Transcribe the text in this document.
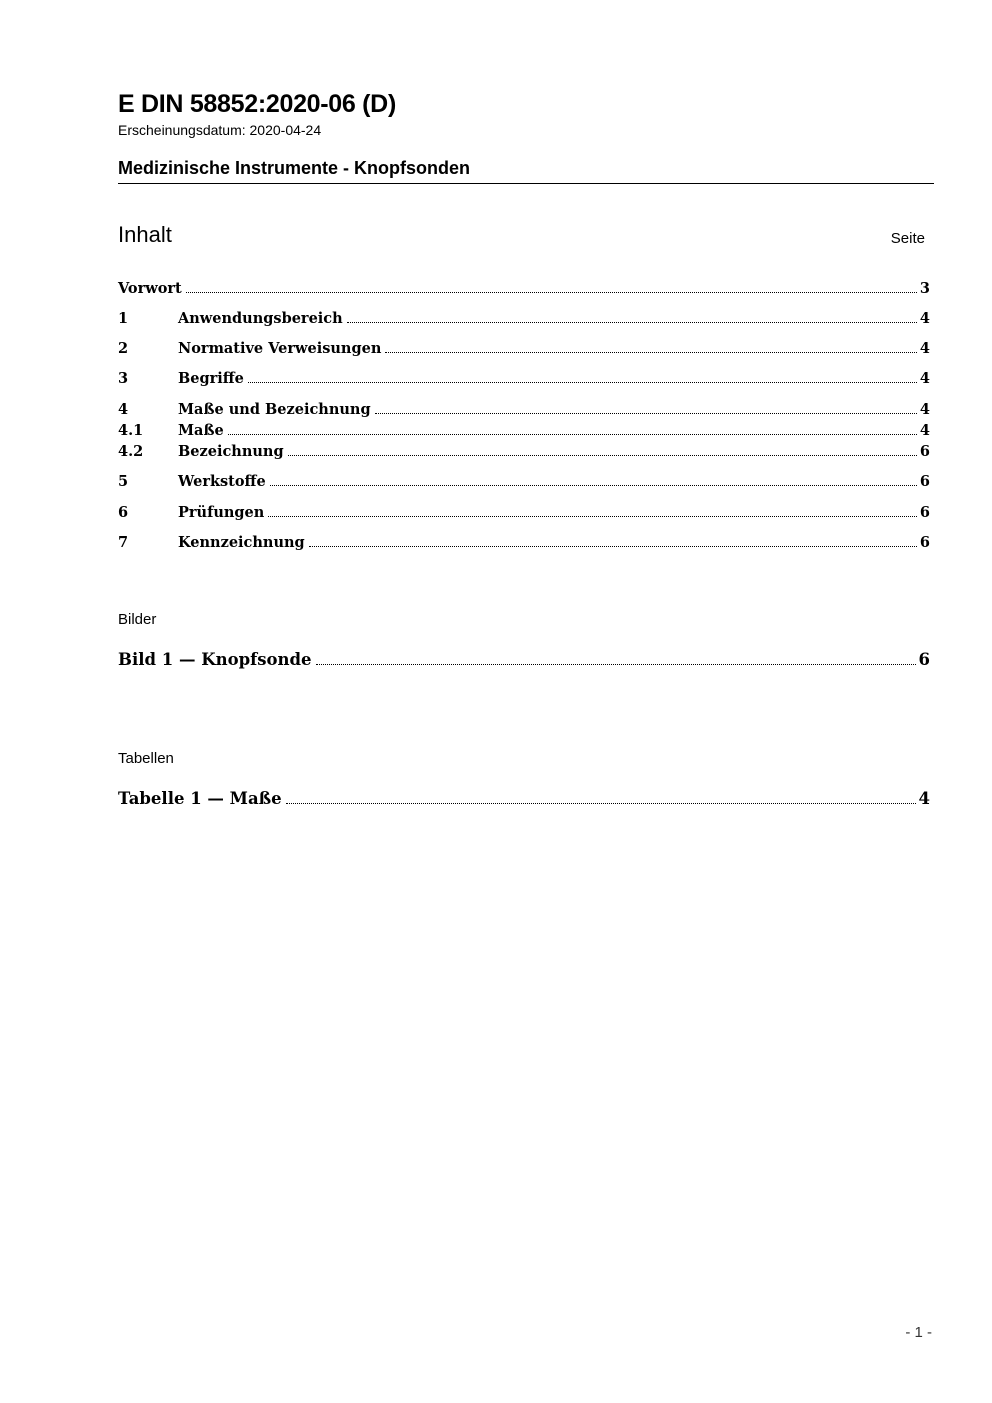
E DIN 58852:2020-06 (D)
Erscheinungsdatum: 2020-04-24
Medizinische Instrumente - Knopfsonden
Inhalt	Seite
Vorwort	3
1	Anwendungsbereich	4
2	Normative Verweisungen	4
3	Begriffe	4
4	Maße und Bezeichnung	4
4.1	Maße	4
4.2	Bezeichnung	6
5	Werkstoffe	6
6	Prüfungen	6
7	Kennzeichnung	6
Bilder
Bild 1 — Knopfsonde	6
Tabellen
Tabelle 1 — Maße	4
- 1 -
